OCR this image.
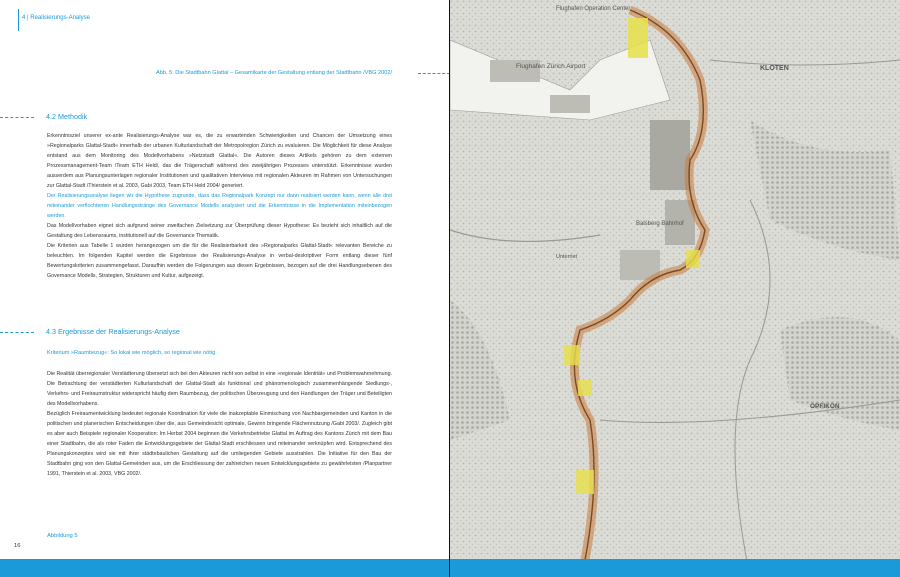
4 | Realisierungs-Analyse
Abb. 5: Die Stadtbahn Glattal – Gesamtkarte der Gestaltung entlang der Stadtbahn /VBG 2002/
4.2 Methodik

Erkenntnisziel unserer ex-ante Realisierungs-Analyse war es, die zu erwartenden Schwierigkeiten und Chancen der Umsetzung eines »Regionalparks Glattal-Stadt« innerhalb der urbanen Kulturlandschaft der Metropolregion Zürich zu evaluieren. Die Möglichkeit für diese Analyse entstand aus dem Monitoring des Modellvorhabens »Netzstadt Glattal«. Die Autoren dieses Artikels gehören zu dem externen Prozessmanagement-Team /Team ETH Held/, das die Trägerschaft während des zweijährigen Prozesses unterstützt. Erkenntnisse wurden ausserdem aus Planungsunterlagen regionaler Institutionen und qualitativen Interviews mit regionalen Akteuren im Rahmen von Untersuchungen zur Glattal-Stadt /Thierstein et al. 2003, Gabi 2003, Team ETH Held 2004/ generiert.

Der Realisierungsanalyse liegen wir die Hypothese zugrunde, dass das Regionalpark Konzept nur dann realisiert werden kann, wenn alle drei miteinander verflochtenen Handlungsstränge des Governance Modells analysiert und die Erkenntnisse in die Implementation miteinbezogen werden.

Das Modellvorhaben eignet sich aufgrund seiner zweifachen Zielsetzung zur Überprüfung dieser Hypothese: Es bezieht sich inhaltlich auf die Gestaltung des Lebensraums, institutionell auf die Governance Thematik.

Die Kriterien aus Tabelle 1 wurden herangezogen um die für die Realisierbarkeit des »Regionalparks Glattal-Stadt« relevanten Bereiche zu beleuchten. Im folgenden Kapitel werden die Ergebnisse der Realisierungs-Analyse in verbal-deskriptiver Form entlang dieser fünf Bewertungskriterien zusammengefasst. Daraufhin werden die Folgerungen aus diesen Ergebnissen, bezogen auf die drei Handlungsebenen des Governance Modells, Strategien, Strukturen und Kultur, aufgezeigt.

4.3 Ergebnisse der Realisierungs-Analyse
Kriterium »Raumbezug«: So lokal wie möglich, so regional wie nötig

Die Realität überregionaler Verstädterung übersetzt sich bei den Akteuren nicht von selbst in eine »regionale Identität« und Problemwahrnehmung. Die Betrachtung der verstädterten Kulturlandschaft der Glattal-Stadt als funktional und phänomenologisch zusammenhängende Siedlungs-, Verkehrs- und Freiraumstruktur widerspricht häufig dem Raumbezug, der politischen Überzeugung und den Handlungen der Träger und Beteiligten des Modellvorhabens.

Bezüglich Freiraumentwicklung bedeutet regionale Koordination für viele die inakzeptable Einmischung von Nachbargemeinden und Kanton in die politischen und planerischen Entscheidungen über die, aus Gemeindesicht optimale, Gewinn bringende Flächennutzung /Gabi 2003/. Zugleich gibt es aber auch Beispiele regionaler Kooperation: Im Herbst 2004 beginnen die Verkehrsbetriebe Glattal im Auftrag des Kantons Zürich mit dem Bau einer Stadtbahn, die als roter Faden die Entwicklungsgebiete der Glattal-Stadt erschliessen und miteinander verknüpfen wird. Entsprechend des Planungskonzeptes wird sie mit ihrer städtebaulichen Gestaltung auf die umliegenden Gebiete ausstrahlen. Die Initiative für den Bau der Stadtbahn ging von den Glattal-Gemeinden aus, um die Erschliessung der zahlreichen neuen Entwicklungsgebiete zu gewährleisten /Planpartner 1991, Thierstein et al. 2003, VBG 2002/.

Abbildung 5
16
Flughafen Operation Center
Flughafen Zürich Airport	KLOTEN
Balsberg Bahnhof
Unterriet
OPFIKON
